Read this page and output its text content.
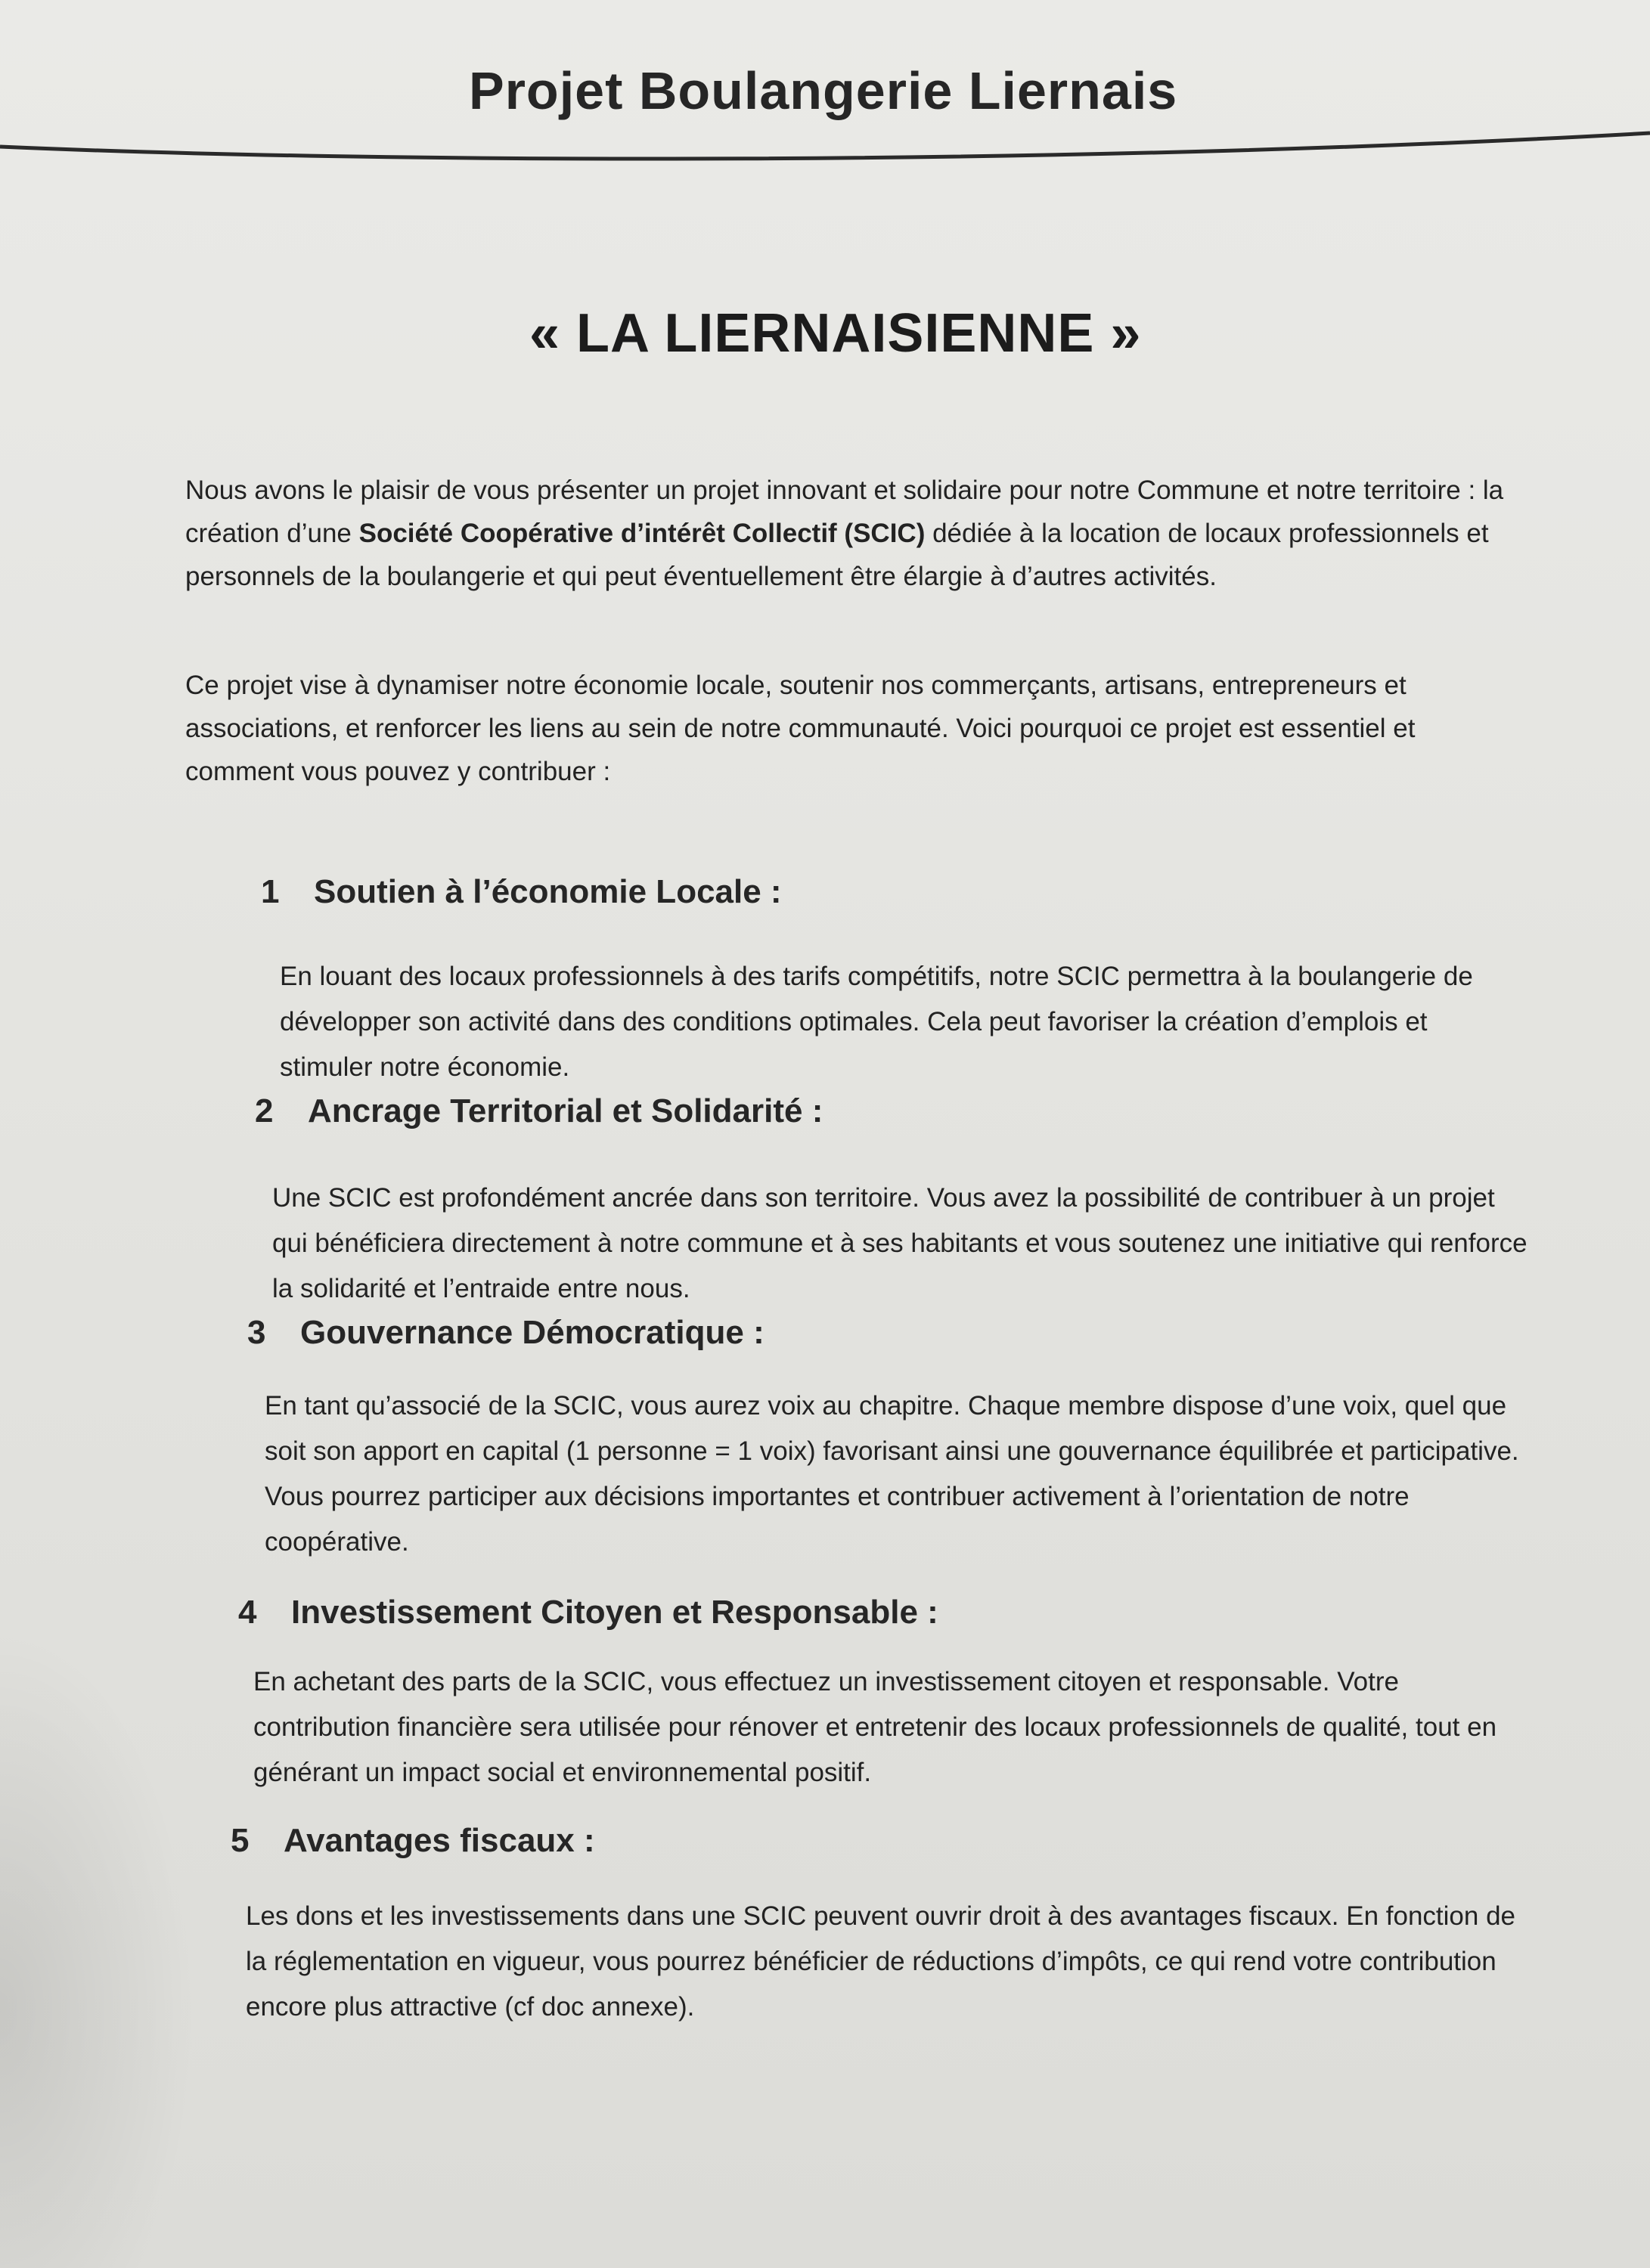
Projet Boulangerie Liernais
« LA LIERNAISIENNE »
Nous avons le plaisir de vous présenter un projet innovant et solidaire pour notre Commune et notre territoire : la création d’une Société Coopérative d’intérêt Collectif (SCIC) dédiée à la location de locaux professionnels et personnels de la boulangerie et qui peut éventuellement être élargie à d’autres activités.
Ce projet vise à dynamiser notre économie locale, soutenir nos commerçants, artisans, entrepreneurs et associations, et renforcer les liens au sein de notre communauté. Voici pourquoi ce projet est essentiel et comment vous pouvez y contribuer :
1 Soutien à l’économie Locale :
En louant des locaux professionnels à des tarifs compétitifs, notre SCIC permettra à la boulangerie de développer son activité dans des conditions optimales. Cela peut favoriser la création d’emplois et stimuler notre économie.
2 Ancrage Territorial et Solidarité :
Une SCIC est profondément ancrée dans son territoire. Vous avez la possibilité de contribuer à un projet qui bénéficiera directement à notre commune et à ses habitants et vous soutenez une initiative qui renforce la solidarité et l’entraide entre nous.
3 Gouvernance Démocratique :
En tant qu’associé de la SCIC, vous aurez voix au chapitre. Chaque membre dispose d’une voix, quel que soit son apport en capital (1 personne = 1 voix) favorisant ainsi une gouvernance équilibrée et participative. Vous pourrez participer aux décisions importantes et contribuer activement à l’orientation de notre coopérative.
4 Investissement Citoyen et Responsable :
En achetant des parts de la SCIC, vous effectuez un investissement citoyen et responsable. Votre contribution financière sera utilisée pour rénover et entretenir des locaux professionnels de qualité, tout en générant un impact social et environnemental positif.
5 Avantages fiscaux :
Les dons et les investissements dans une SCIC peuvent ouvrir droit à des avantages fiscaux. En fonction de la réglementation en vigueur, vous pourrez bénéficier de réductions d’impôts, ce qui rend votre contribution encore plus attractive (cf doc annexe).
